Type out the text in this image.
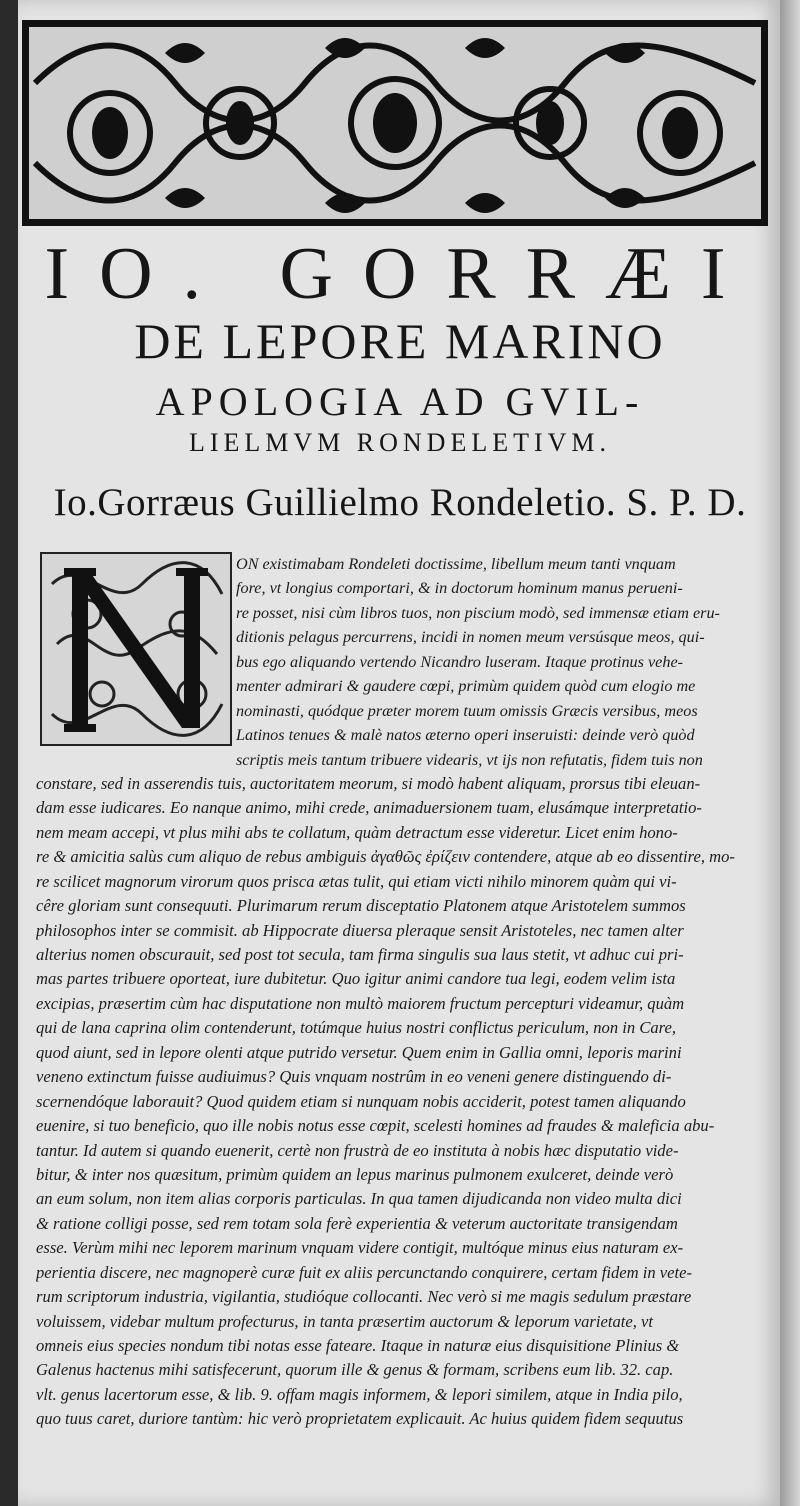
IO. GORRÆI
DE LEPORE MARINO
APOLOGIA AD GVIL-
LIELMVM RONDELETIVM.
Io.Gorræus Guillielmo Rondeletio. S. P. D.
ON existimabam Rondeleti doctissime, libellum meum tanti vnquam
fore, vt longius comportari, & in doctorum hominum manus perueni-
re posset, nisi cùm libros tuos, non piscium modò, sed immensæ etiam eru-
ditionis pelagus percurrens, incidi in nomen meum versúsque meos, qui-
bus ego aliquando vertendo Nicandro luseram. Itaque protinus vehe-
menter admirari & gaudere cœpi, primùm quidem quòd cum elogio me
nominasti, quódque præter morem tuum omissis Græcis versibus, meos
Latinos tenues & malè natos æterno operi inseruisti: deinde verò quòd
scriptis meis tantum tribuere videaris, vt ijs non refutatis, fidem tuis non
constare, sed in asserendis tuis, auctoritatem meorum, si modò habent aliquam, prorsus tibi eleuan-
dam esse iudicares. Eo nanque animo, mihi crede, animaduersionem tuam, elusámque interpretatio-
nem meam accepi, vt plus mihi abs te collatum, quàm detractum esse videretur. Licet enim hono-
re & amicitia salùs cum aliquo de rebus ambiguis ἀγαθῶς ἐρίζειν contendere, atque ab eo dissentire, mo-
re scilicet magnorum virorum quos prisca ætas tulit, qui etiam victi nihilo minorem quàm qui vi-
cêre gloriam sunt consequuti. Plurimarum rerum disceptatio Platonem atque Aristotelem summos
philosophos inter se commisit. ab Hippocrate diuersa pleraque sensit Aristoteles, nec tamen alter
alterius nomen obscurauit, sed post tot secula, tam firma singulis sua laus stetit, vt adhuc cui pri-
mas partes tribuere oporteat, iure dubitetur. Quo igitur animi candore tua legi, eodem velim ista
excipias, præsertim cùm hac disputatione non multò maiorem fructum percepturi videamur, quàm
qui de lana caprina olim contenderunt, totúmque huius nostri conflictus periculum, non in Care,
quod aiunt, sed in lepore olenti atque putrido versetur. Quem enim in Gallia omni, leporis marini
veneno extinctum fuisse audiuimus? Quis vnquam nostrûm in eo veneni genere distinguendo di-
scernendóque laborauit? Quod quidem etiam si nunquam nobis acciderit, potest tamen aliquando
euenire, si tuo beneficio, quo ille nobis notus esse cœpit, scelesti homines ad fraudes & maleficia abu-
tantur. Id autem si quando euenerit, certè non frustrà de eo instituta à nobis hæc disputatio vide-
bitur, & inter nos quæsitum, primùm quidem an lepus marinus pulmonem exulceret, deinde verò
an eum solum, non item alias corporis particulas. In qua tamen dijudicanda non video multa dici
& ratione colligi posse, sed rem totam sola ferè experientia & veterum auctoritate transigendam
esse. Verùm mihi nec leporem marinum vnquam videre contigit, multóque minus eius naturam ex-
perientia discere, nec magnoperè curæ fuit ex aliis percunctando conquirere, certam fidem in vete-
rum scriptorum industria, vigilantia, studióque collocanti. Nec verò si me magis sedulum præstare
voluissem, videbar multum profecturus, in tanta præsertim auctorum & leporum varietate, vt
omneis eius species nondum tibi notas esse fateare. Itaque in naturæ eius disquisitione Plinius &
Galenus hactenus mihi satisfecerunt, quorum ille & genus & formam, scribens eum lib. 32. cap.
vlt. genus lacertorum esse, & lib. 9. offam magis informem, & lepori similem, atque in India pilo,
quo tuus caret, duriore tantùm: hic verò proprietatem explicauit. Ac huius quidem fidem sequutus
